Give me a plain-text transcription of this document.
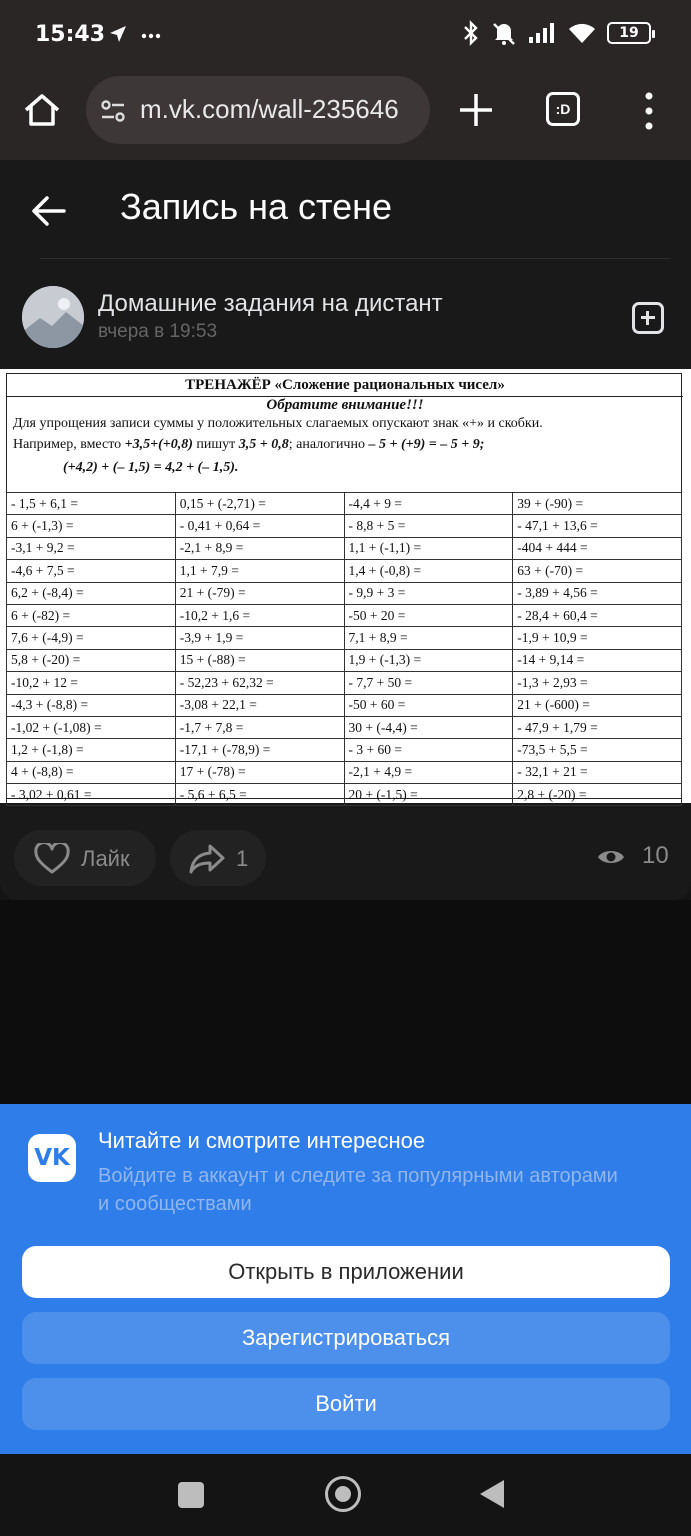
15:43
	19
m.vk.com/wall-235646	:D
Запись на стене
Домашние задания на дистант
вчера в 19:53
ТРЕНАЖЁР «Сложение рациональных чисел»
Обратите внимание!!!
Для упрощения записи суммы у положительных слагаемых опускают знак «+» и скобки.
Например, вместо +3,5+(+0,8) пишут 3,5 + 0,8; аналогично – 5 + (+9) = – 5 + 9;
(+4,2) + (– 1,5) = 4,2 + (– 1,5).
- 1,5 + 6,1 =	0,15 + (-2,71) =	-4,4 + 9 =	39 + (-90) =
6 + (-1,3) =	- 0,41 + 0,64 =	- 8,8 + 5 =	- 47,1 + 13,6 =
-3,1 + 9,2 =	-2,1 + 8,9 =	1,1 + (-1,1) =	-404 + 444 =
-4,6 + 7,5 =	1,1 + 7,9 =	1,4 + (-0,8) =	63 + (-70) =
6,2 + (-8,4) =	21 + (-79) =	- 9,9 + 3 =	- 3,89 + 4,56 =
6 + (-82) =	-10,2 + 1,6 =	-50 + 20 =	- 28,4 + 60,4 =
7,6 + (-4,9) =	-3,9 + 1,9 =	7,1 + 8,9 =	-1,9 + 10,9 =
5,8 + (-20) =	15 + (-88) =	1,9 + (-1,3) =	-14 + 9,14 =
-10,2 + 12 =	- 52,23 + 62,32 =	- 7,7 + 50 =	-1,3 + 2,93 =
-4,3 + (-8,8) =	-3,08 + 22,1 =	-50 + 60 =	21 + (-600) =
-1,02 + (-1,08) =	-1,7 + 7,8 =	30 + (-4,4) =	- 47,9 + 1,79 =
1,2 + (-1,8) =	-17,1 + (-78,9) =	- 3 + 60 =	-73,5 + 5,5 =
4 + (-8,8) =	17 + (-78) =	-2,1 + 4,9 =	- 32,1 + 21 =
- 3,02 + 0,61 =	- 5,6 + 6,5 =	20 + (-1,5) =	2,8 + (-20) =
Лайк	1	10
VK
Читайте и смотрите интересное
Войдите в аккаунт и следите за популярными авторами и сообществами
Открыть в приложении
Зарегистрироваться
Войти
